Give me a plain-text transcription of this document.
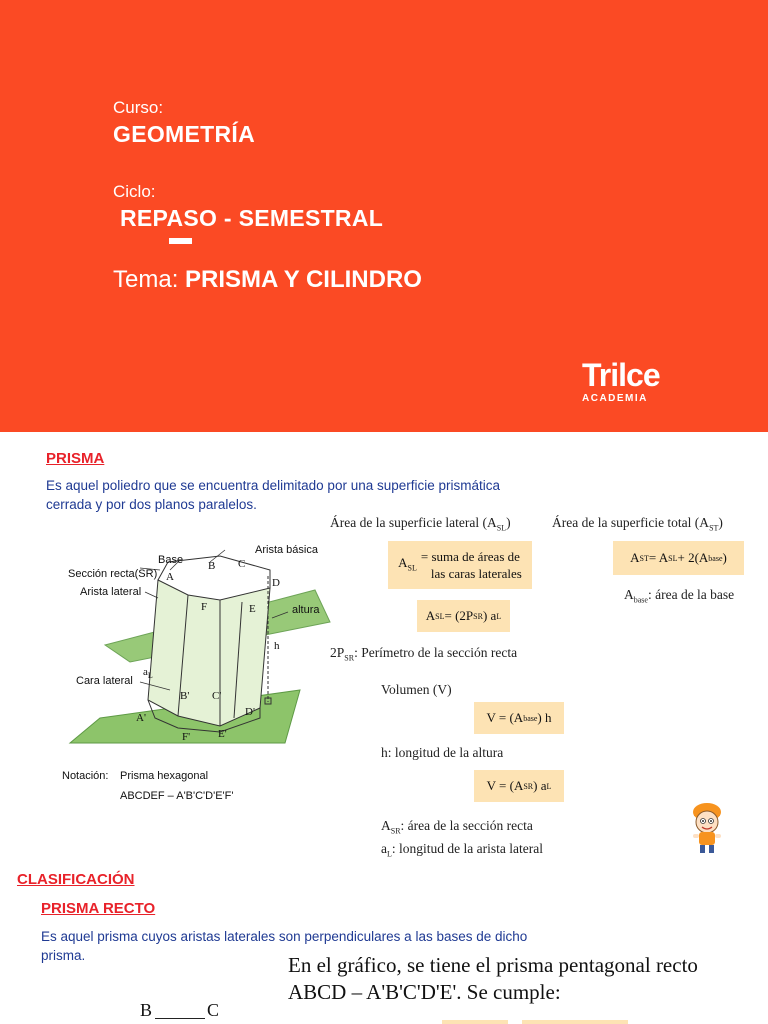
Curso:
GEOMETRÍA
Ciclo:
REPASO - SEMESTRAL
Tema: PRISMA Y CILINDRO
Trilce
ACADEMIA
PRISMA
Es aquel poliedro que se encuentra delimitado por una superficie prismática
cerrada y por dos planos paralelos.
Base
Sección recta(SR)
Arista lateral
Arista básica
altura
Cara lateral
h
$a_L$
A
B C
D
E
F
A'
B' C'
D'
E'
F'
Notación: Prisma hexagonal
ABCDEF – A'B'C'D'E'F'
Área de la superficie lateral $(A_{SL})$	Área de la superficie total $(A_{ST})$
$A_{SL}$
= suma de áreas de
las caras laterales
A SL = (2P SR ) a L
A ST = A SL + 2(A base )
$A_{base}$: área de la base
$2P_{SR}$: Perímetro de la sección recta
Volumen (V)
V = (A base ) h
h: longitud de la altura
V = (A SR ) a L
$A_{SR}$: área de la sección recta
$a_L$: longitud de la arista lateral
CLASIFICACIÓN
PRISMA RECTO
Es aquel prisma cuyos aristas laterales son perpendiculares a las bases de dicho
prisma.	En el gráfico, se tiene el prisma pentagonal recto
ABCD – A'B'C'D'E'. Se cumple:
B	C
